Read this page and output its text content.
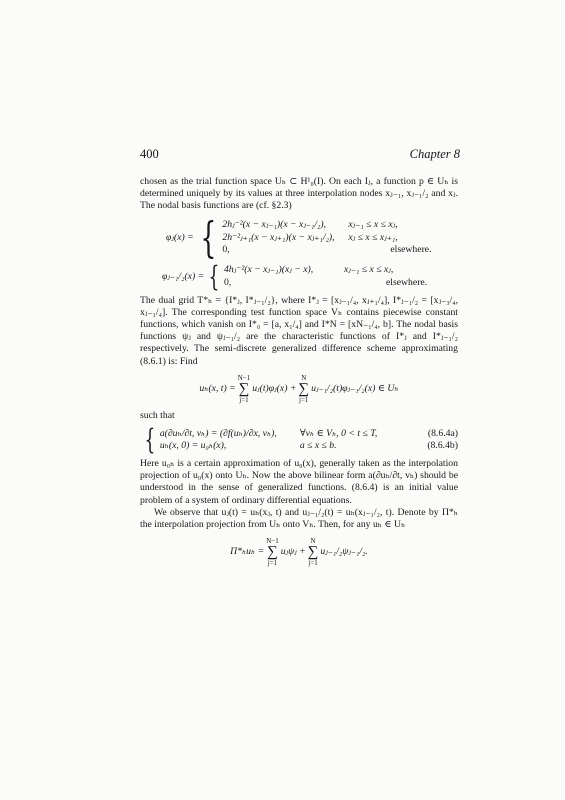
400	Chapter 8

chosen as the trial function space Uₕ ⊂ H¹₀(I). On each Iⱼ, a function p ∈ Uₕ is determined uniquely by its values at three interpolation nodes xⱼ₋₁, xⱼ₋₁/₂ and xⱼ. The nodal basis functions are (cf. §2.3)

φⱼ(x) = { 2hⱼ⁻²(x − xⱼ₋₁)(x − xⱼ₋₁/₂),	xⱼ₋₁ ≤ x ≤ xⱼ,
2h⁻²ⱼ₊₁(x − xⱼ₊₁)(x − xⱼ₊₁/₂),	xⱼ ≤ x ≤ xⱼ₊₁,
0,	elsewhere.
φⱼ₋₁/₂(x) = { 4hⱼ⁻²(x − xⱼ₋₁)(xⱼ − x),	xⱼ₋₁ ≤ x ≤ xⱼ,
0,	elsewhere.

The dual grid T*ₕ = {I*ⱼ, I*ⱼ₋₁/₂}, where I*ⱼ = [xⱼ₋₁/₄, xⱼ₊₁/₄], I*ⱼ₋₁/₂ = [xⱼ₋₃/₄, xⱼ₋₁/₄]. The corresponding test function space Vₕ contains piecewise constant functions, which vanish on I*₀ = [a, x₁/₄] and I*N = [xN₋₁/₄, b]. The nodal basis functions ψⱼ and ψⱼ₋₁/₂ are the characteristic functions of I*ⱼ and I*ⱼ₋₁/₂ respectively. The semi-discrete generalized difference scheme approximating (8.6.1) is: Find

uₕ(x, t) =
N−1
∑
j=1
uⱼ(t)φⱼ(x) +
N
∑
j=1
uⱼ₋₁/₂(t)φⱼ₋₁/₂(x) ∈ Uₕ

such that

{ a(∂uₕ/∂t, vₕ) = (∂f(uₕ)/∂x, vₕ),	∀vₕ ∈ Vₕ, 0 < t ≤ T,	(8.6.4a)
uₕ(x, 0) = u₀ₕ(x),	a ≤ x ≤ b.	(8.6.4b)

Here u₀ₕ is a certain approximation of u₀(x), generally taken as the interpolation projection of u₀(x) onto Uₕ. Now the above bilinear form a(∂uₕ/∂t, vₕ) should be understood in the sense of generalized functions. (8.6.4) is an initial value problem of a system of ordinary differential equations.

We observe that uⱼ(t) = uₕ(xⱼ, t) and uⱼ₋₁/₂(t) = uₕ(xⱼ₋₁/₂, t). Denote by Π*ₕ the interpolation projection from Uₕ onto Vₕ. Then, for any uₕ ∈ Uₕ

Π*ₕuₕ =
N−1
∑
j=1
uⱼψⱼ +
N
∑
j=1
uⱼ₋₁/₂ψⱼ₋₁/₂.
